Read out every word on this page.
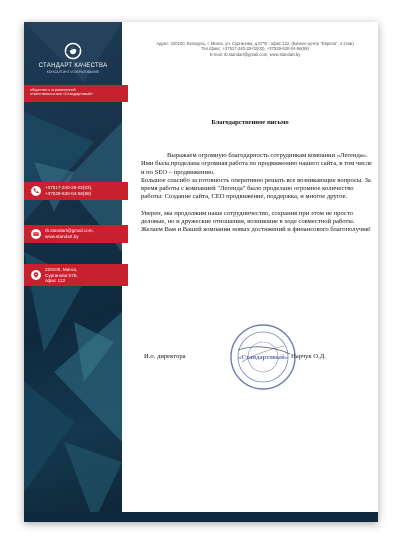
СТАНДАРТ КАЧЕСТВА
КОНСАЛТИНГ И ОБРАЗОВАНИЕ
общество с ограниченной
ответственностью «Стандартовый»
+37517-240-28-02(03),
+37529-630-04-56(69)
rb.standart@gmail.com,
www.standart.by
220100, Минск,
Сурганова 57Б,
офис 122
Адрес: 220100, Беларусь, г. Минск, ул. Сурганова, д.57“Б”, офис 122, (Бизнес-центр “Европа”, 4 этаж)
Тел./факс: +37517-240-28-02(03), +37529-630-04-56(69)
E-mail: rb.standart@gmail.com, www.standart.by
Благодарственное письмо

Выражаем огромную благодарность сотрудникам компании «Легенда». Ими была проделана огромная работа по продвижению нашего сайта, в том числе и по SEO – продвижению.

Большое спасибо за готовность оперативно решать все возникающие вопросы. За время работы с компанией "Легенда" было проделано огромное количество работы: Создание сайта, СЕО продвижение, поддержка, и многое другое.

Уверен, мы продолжим наше сотрудничество, сохранив при этом не просто деловые, но и дружеские отношения, возникшие в ходе совместной работы.

Желаем Вам и Вашей компании новых достижений и финансового благополучия!

И.о. директора	«Стандартовый» Нарчук О.Д.
